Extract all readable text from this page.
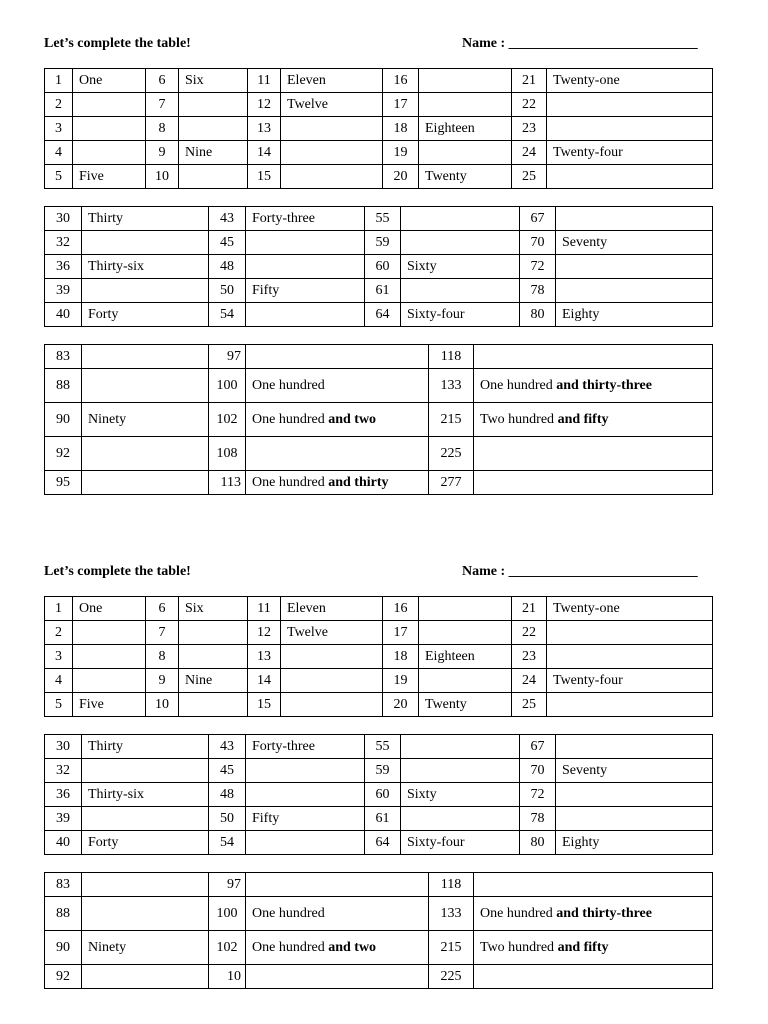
Let’s complete the table!	Name : ___________________________
1	One	6	Six	11	Eleven	16		21	Twenty-one
2		7		12	Twelve	17		22	
3		8		13		18	Eighteen	23	
4		9	Nine	14		19		24	Twenty-four
5	Five	10		15		20	Twenty	25	
30	Thirty	43	Forty-three	55		67	
32		45		59		70	Seventy
36	Thirty-six	48		60	Sixty	72	
39		50	Fifty	61		78	
40	Forty	54		64	Sixty-four	80	Eighty
83		97		118	
88		100	One hundred	133	One hundred and thirty-three
90	Ninety	102	One hundred and two	215	Two hundred and fifty
92		108		225	
95		113	One hundred and thirty	277	
Let’s complete the table!	Name : ___________________________
1	One	6	Six	11	Eleven	16		21	Twenty-one
2		7		12	Twelve	17		22	
3		8		13		18	Eighteen	23	
4		9	Nine	14		19		24	Twenty-four
5	Five	10		15		20	Twenty	25	
30	Thirty	43	Forty-three	55		67	
32		45		59		70	Seventy
36	Thirty-six	48		60	Sixty	72	
39		50	Fifty	61		78	
40	Forty	54		64	Sixty-four	80	Eighty
83		97		118	
88		100	One hundred	133	One hundred and thirty-three
90	Ninety	102	One hundred and two	215	Two hundred and fifty
92		10		225	
